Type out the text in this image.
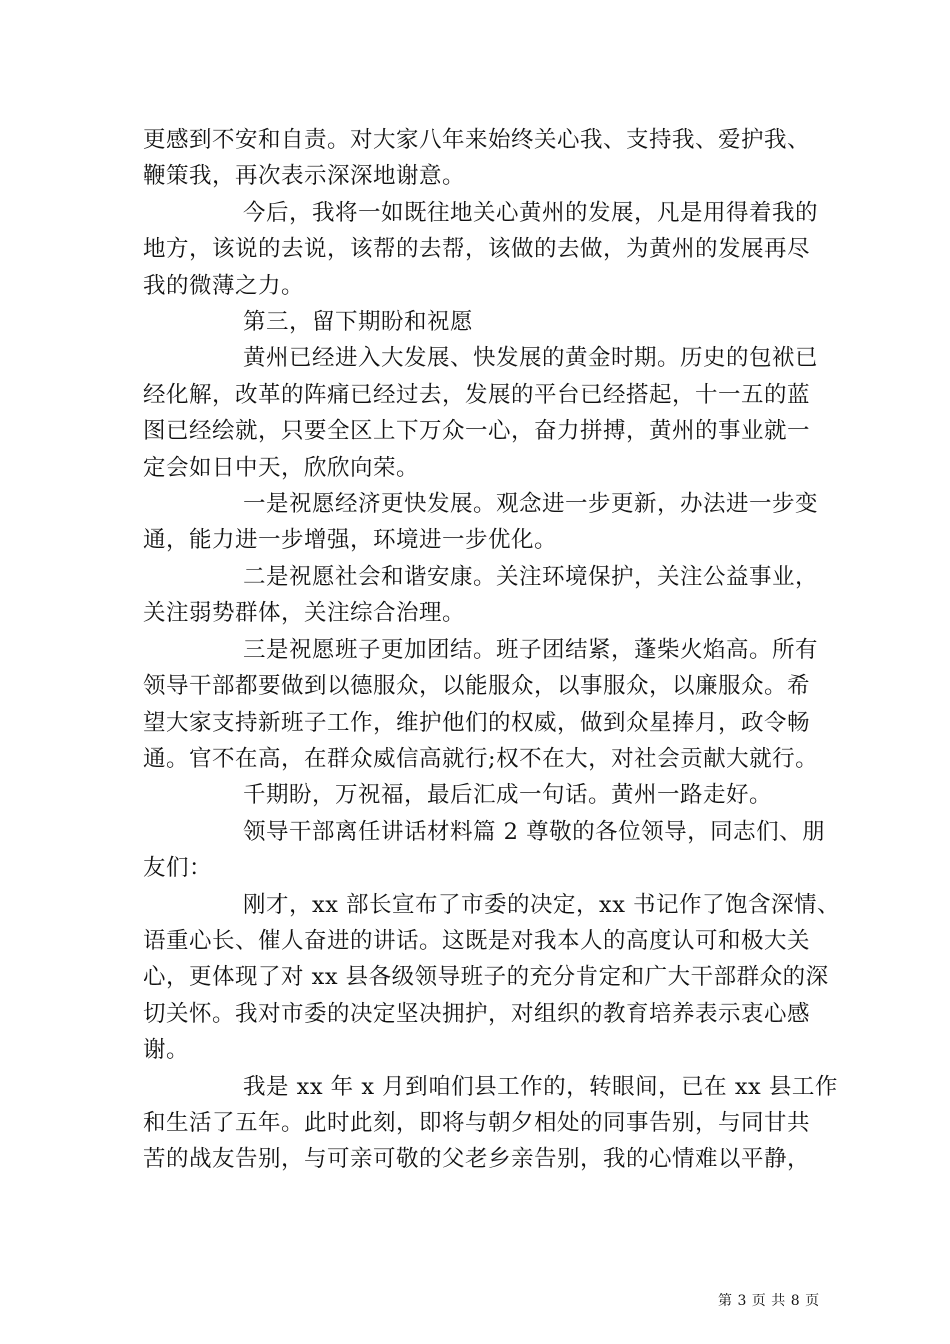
更感到不安和自责。对大家八年来始终关心我、支持我、爱护我、
鞭策我，再次表示深深地谢意。
今后，我将一如既往地关心黄州的发展，凡是用得着我的
地方，该说的去说，该帮的去帮，该做的去做，为黄州的发展再尽
我的微薄之力。
第三，留下期盼和祝愿
黄州已经进入大发展、快发展的黄金时期。历史的包袱已
经化解，改革的阵痛已经过去，发展的平台已经搭起，十一五的蓝
图已经绘就，只要全区上下万众一心，奋力拼搏，黄州的事业就一
定会如日中天，欣欣向荣。
一是祝愿经济更快发展。观念进一步更新，办法进一步变
通，能力进一步增强，环境进一步优化。
二是祝愿社会和谐安康。关注环境保护，关注公益事业，
关注弱势群体，关注综合治理。
三是祝愿班子更加团结。班子团结紧，蓬柴火焰高。所有
领导干部都要做到以德服众，以能服众，以事服众，以廉服众。希
望大家支持新班子工作，维护他们的权威，做到众星捧月，政令畅
通。官不在高，在群众威信高就行;权不在大，对社会贡献大就行。
千期盼，万祝福，最后汇成一句话。黄州一路走好。
领导干部离任讲话材料篇 2 尊敬的各位领导，同志们、朋
友们：
刚才，xx 部长宣布了市委的决定，xx 书记作了饱含深情、
语重心长、催人奋进的讲话。这既是对我本人的高度认可和极大关
心，更体现了对 xx 县各级领导班子的充分肯定和广大干部群众的深
切关怀。我对市委的决定坚决拥护，对组织的教育培养表示衷心感
谢。
我是 xx 年 x 月到咱们县工作的，转眼间，已在 xx 县工作
和生活了五年。此时此刻，即将与朝夕相处的同事告别，与同甘共
苦的战友告别，与可亲可敬的父老乡亲告别，我的心情难以平静，
第 3 页 共 8 页
